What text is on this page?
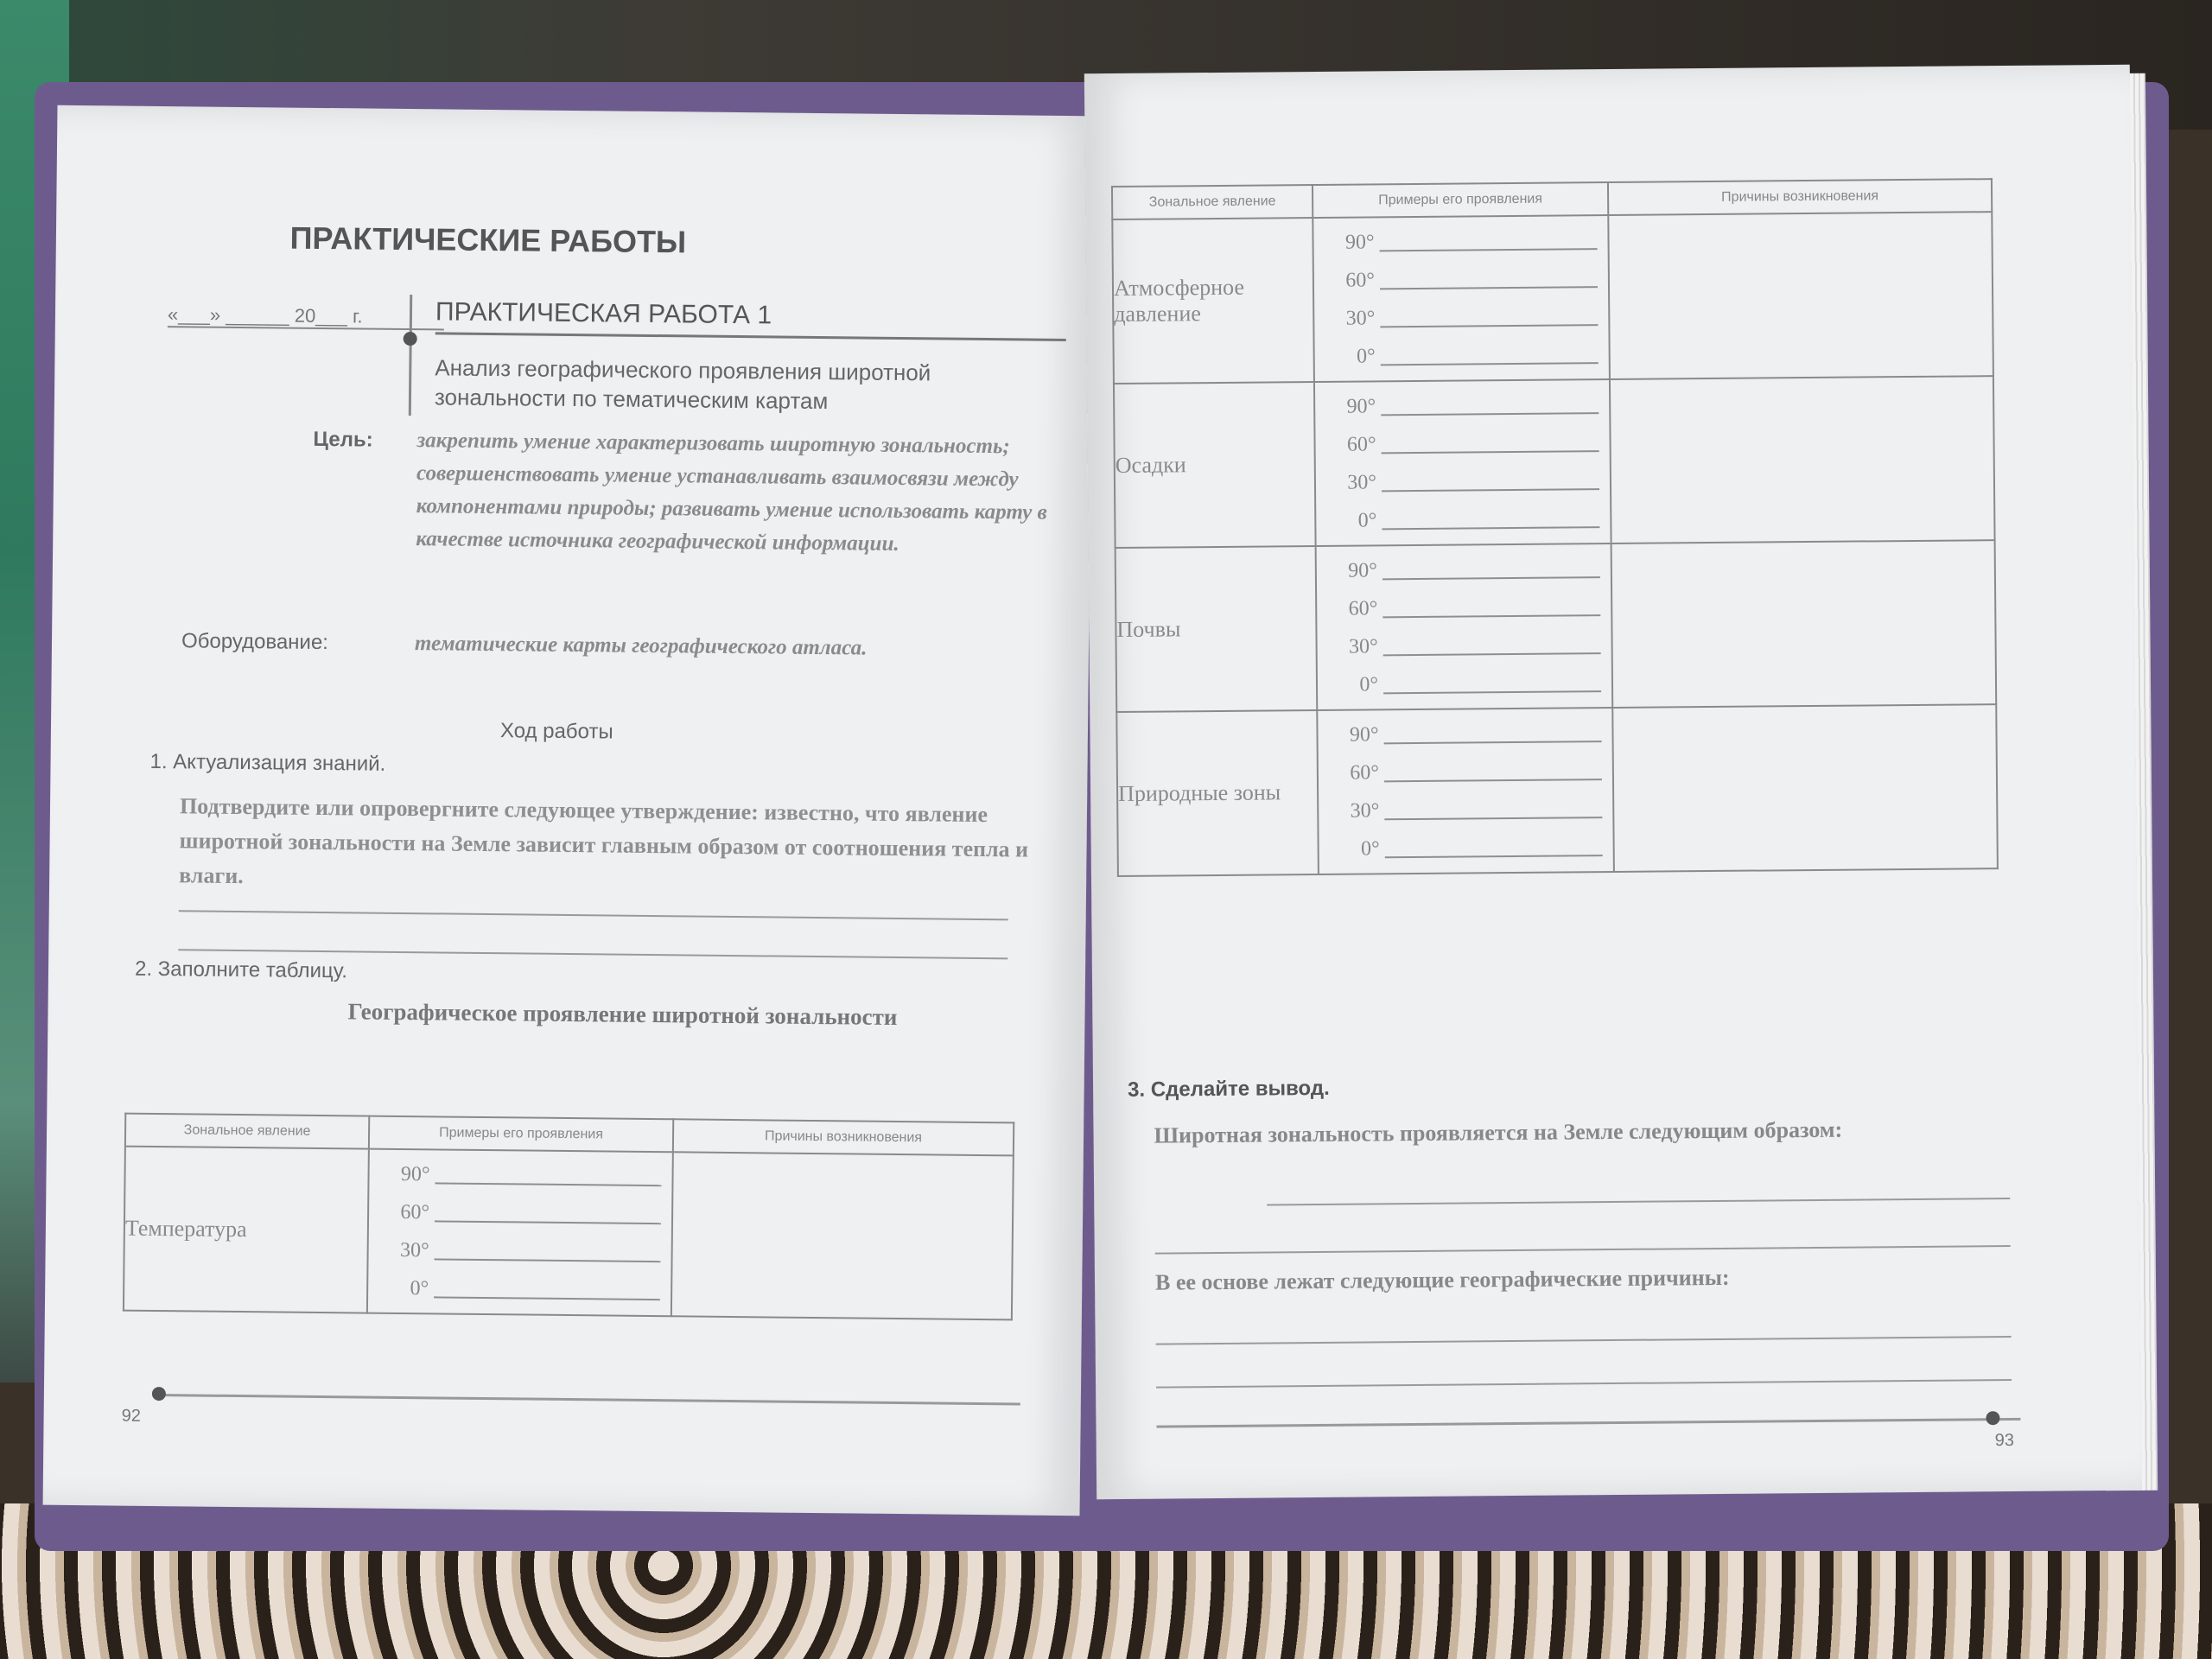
ПРАКТИЧЕСКИЕ РАБОТЫ
«___» ______ 20___ г.	ПРАКТИЧЕСКАЯ РАБОТА 1
Анализ географического проявления широтной зональности по тематическим картам
Цель: закрепить умение характеризовать широтную зональность; совершенствовать умение устанавливать взаимосвязи между компонентами природы; развивать умение использовать карту в качестве источника географической информации.
Оборудование:	тематические карты географического атласа.
Ход работы
1. Актуализация знаний.
Подтвердите или опровергните следующее утверждение: известно, что явление широтной зональности на Земле зависит главным образом от соотношения тепла и влаги.
2. Заполните таблицу.
Географическое проявление широтной зональности
Зональное явление	Примеры его проявления	Причины возникновения
Температура	90°
60°
30°
0°	

92
Зональное явление	Примеры его проявления	Причины возникновения
Атмосферное давление	90°
60°
30°
0°	

Осадки	90°
60°
30°
0°	

Почвы	90°
60°
30°
0°	

Природные зоны	90°
60°
30°
0°	

3. Сделайте вывод.
Широтная зональность проявляется на Земле следующим образом:
В ее основе лежат следующие географические причины:
93
